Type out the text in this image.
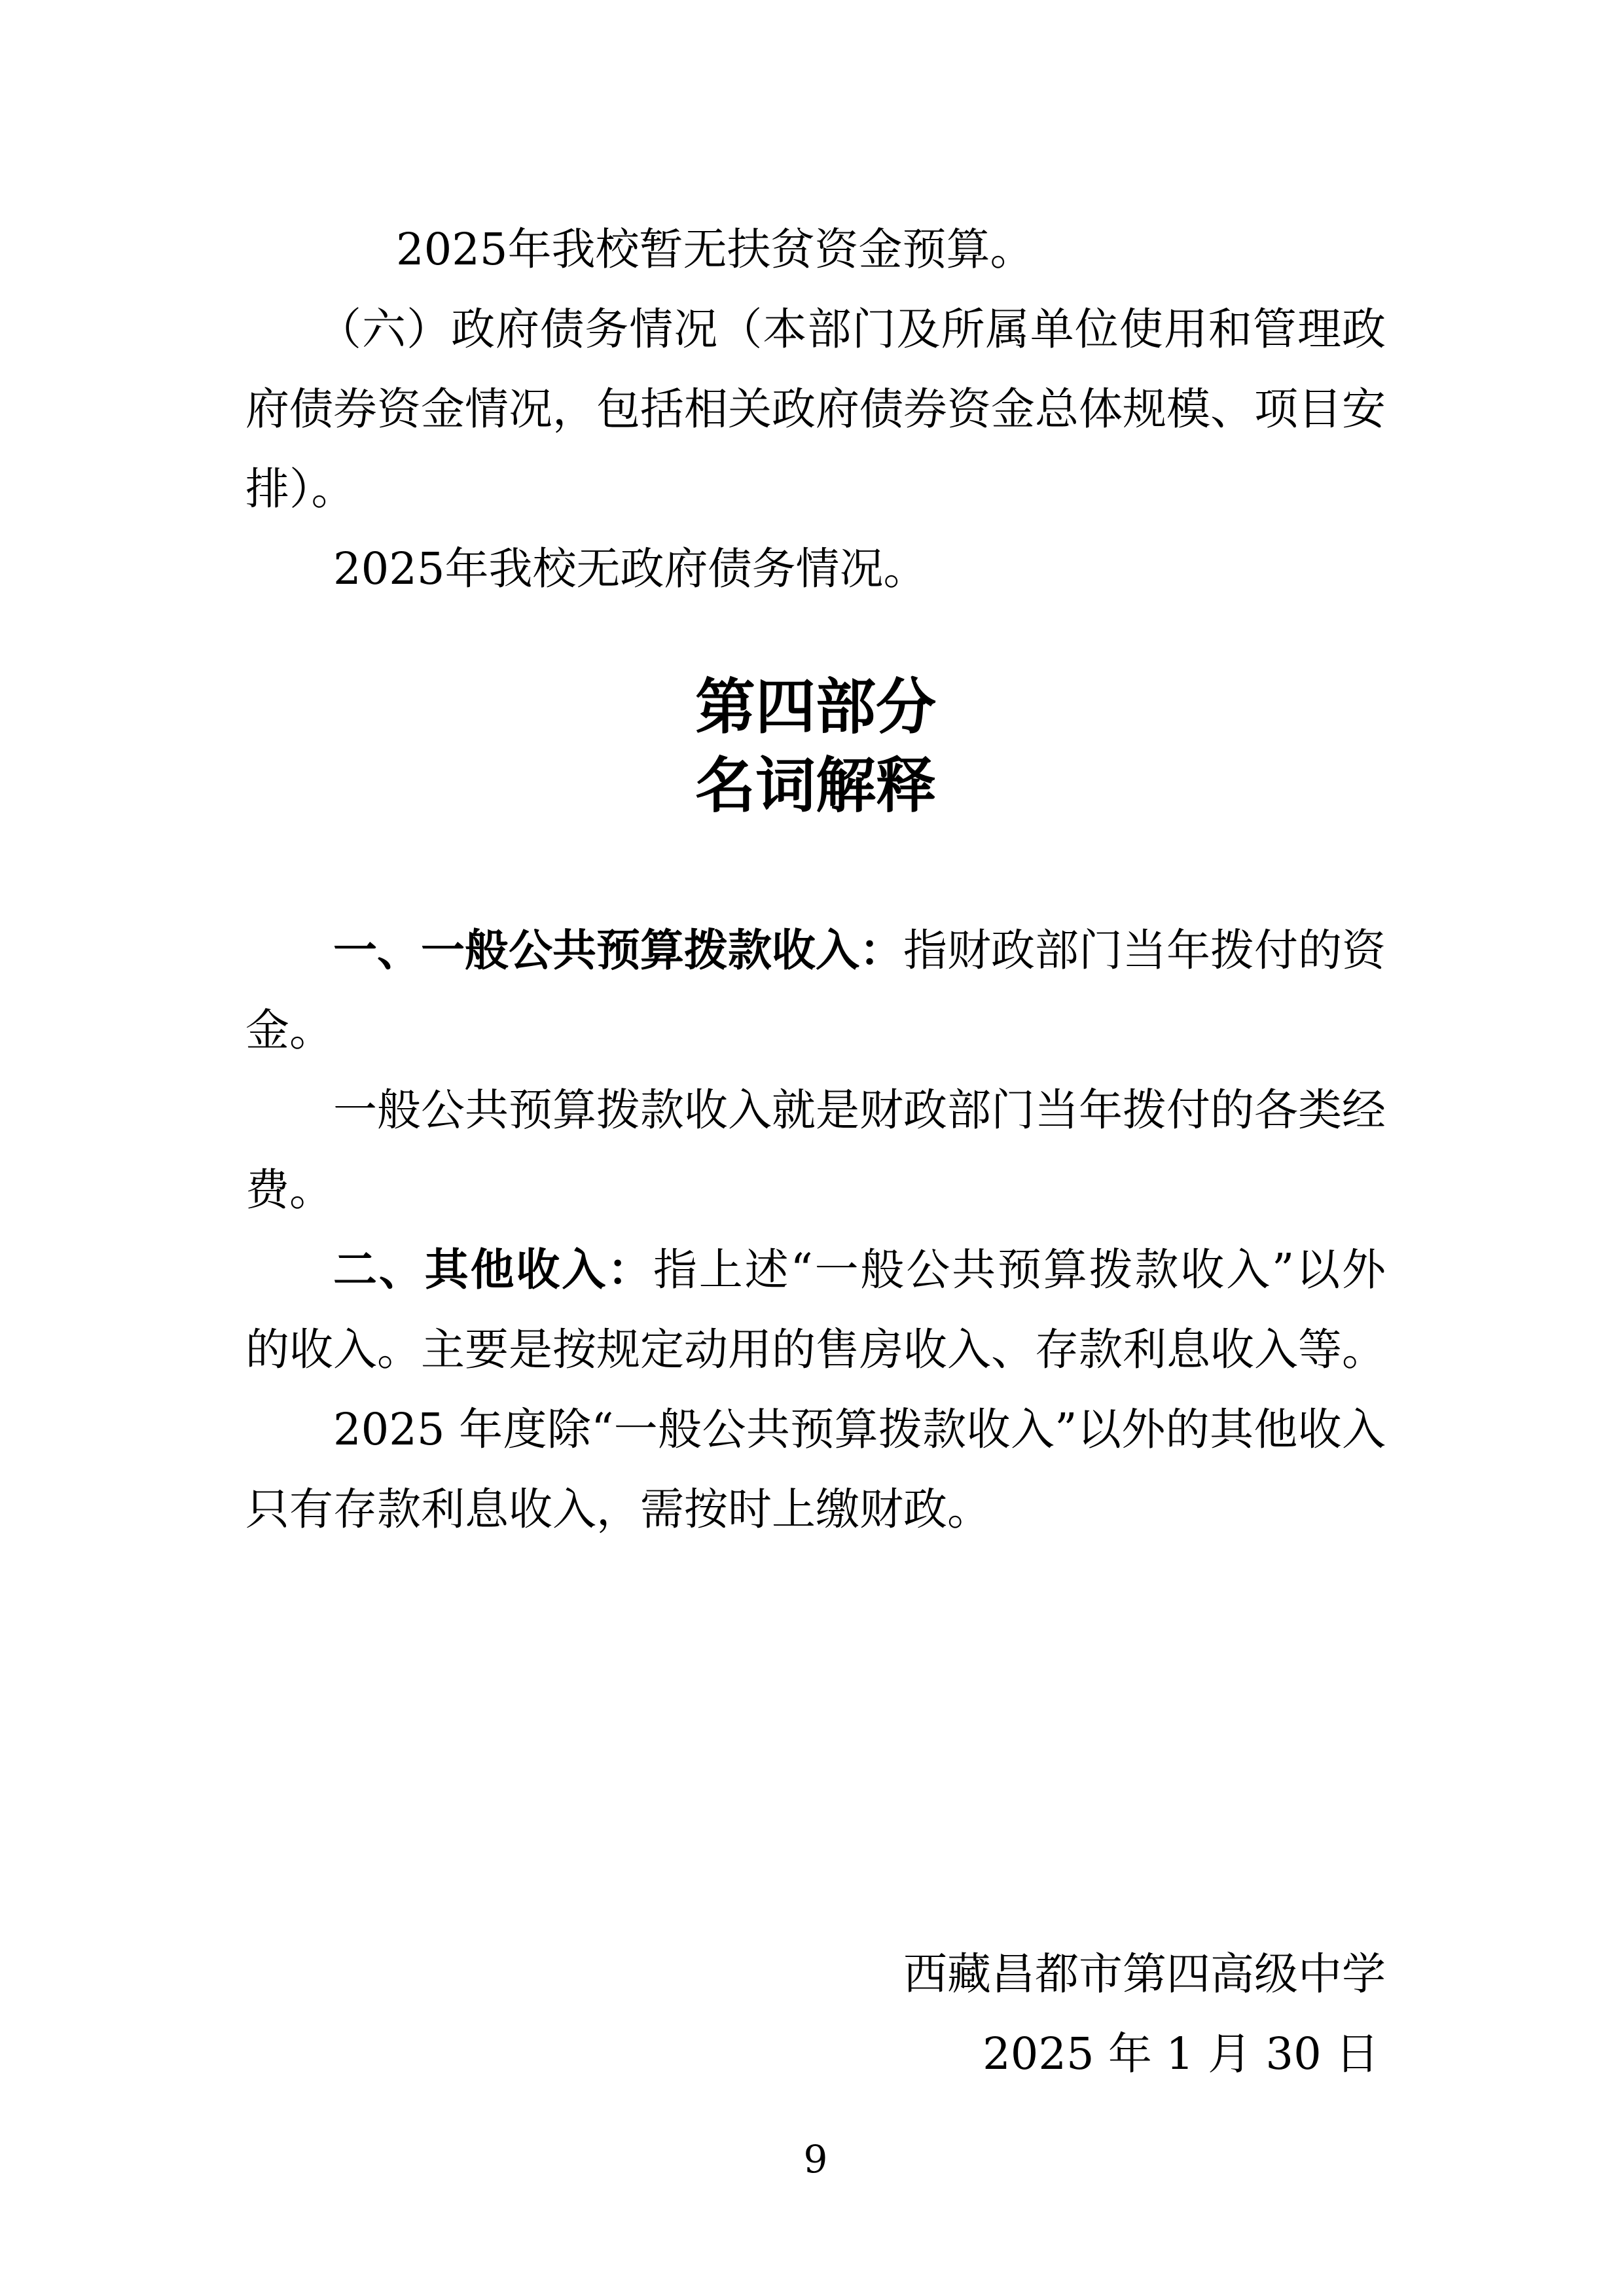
2025年我校暂无扶贫资金预算。

（六）政府债务情况（本部门及所属单位使用和管理政府债券资金情况，包括相关政府债券资金总体规模、项目安排）。

2025年我校无政府债务情况。

第四部分
名词解释

一、一般公共预算拨款收入：指财政部门当年拨付的资金。

一般公共预算拨款收入就是财政部门当年拨付的各类经费。

二、其他收入：指上述“一般公共预算拨款收入”以外的收入。主要是按规定动用的售房收入、存款利息收入等。

2025 年度除“一般公共预算拨款收入”以外的其他收入只有存款利息收入，需按时上缴财政。

西藏昌都市第四高级中学
2025 年 1 月 30 日
9
